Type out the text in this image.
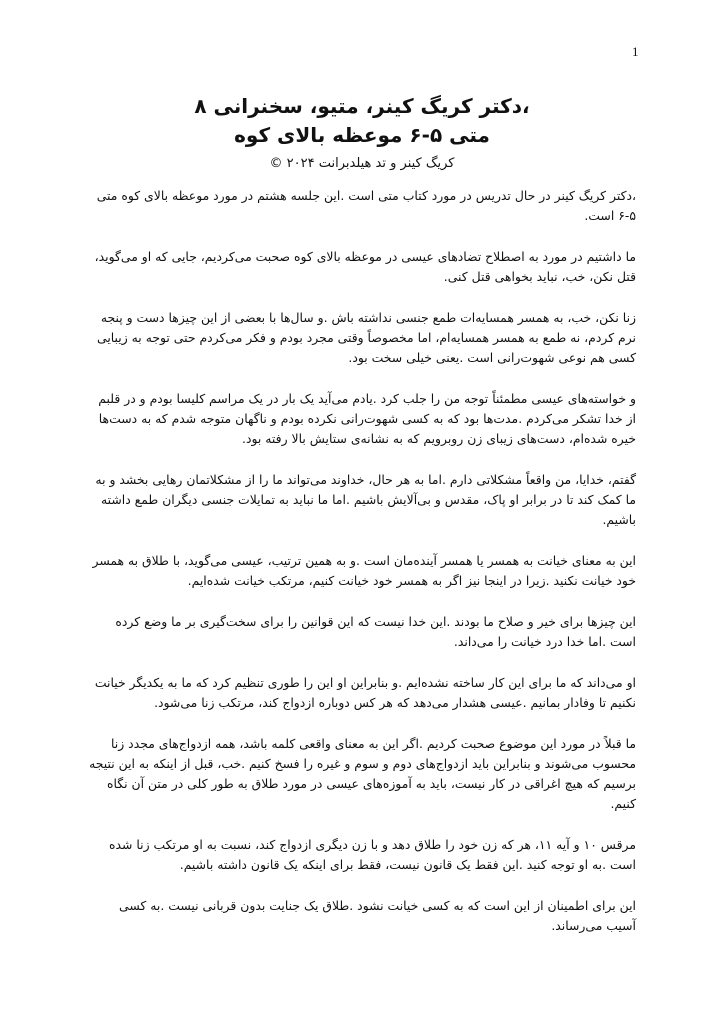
1
،دکتر کریگ کینر، متیو، سخنرانی ۸
متی ۵-۶ موعظه بالای کوه
کریگ کینر و تد هیلدبرانت ۲۰۲۴ ©

،دکتر کریگ کینر در حال تدریس در مورد کتاب متی است .این جلسه هشتم در مورد موعظه بالای کوه متی ۵-۶ است.

ما داشتیم در مورد به اصطلاح تضادهای عیسی در موعظه بالای کوه صحبت می‌کردیم، جایی که او می‌گوید، قتل نکن، خب، نباید بخواهی قتل کنی.

زنا نکن، خب، به همسر همسایه‌ات طمع جنسی نداشته باش .و سال‌ها با بعضی از این چیزها دست و پنجه نرم کردم، نه طمع به همسر همسایه‌ام، اما مخصوصاً وقتی مجرد بودم و فکر می‌کردم حتی توجه به زیبایی کسی هم نوعی شهوت‌رانی است .یعنی خیلی سخت بود.

و خواسته‌های عیسی مطمئناً توجه من را جلب کرد .یادم می‌آید یک بار در یک مراسم کلیسا بودم و در قلبم از خدا تشکر می‌کردم .مدت‌ها بود که به کسی شهوت‌رانی نکرده بودم و ناگهان متوجه شدم که به دست‌ها خیره شده‌ام، دست‌های زیبای زن روبرویم که به نشانه‌ی ستایش بالا رفته بود.

گفتم، خدایا، من واقعاً مشکلاتی دارم .اما به هر حال، خداوند می‌تواند ما را از مشکلاتمان رهایی بخشد و به ما کمک کند تا در برابر او پاک، مقدس و بی‌آلایش باشیم .اما ما نباید به تمایلات جنسی دیگران طمع داشته باشیم.

این به معنای خیانت به همسر یا همسر آینده‌مان است .و به همین ترتیب، عیسی می‌گوید، با طلاق به همسر خود خیانت نکنید .زیرا در اینجا نیز اگر به همسر خود خیانت کنیم، مرتکب خیانت شده‌ایم.

این چیزها برای خیر و صلاح ما بودند .این خدا نیست که این قوانین را برای سخت‌گیری بر ما وضع کرده است .اما خدا درد خیانت را می‌داند.

او می‌داند که ما برای این کار ساخته نشده‌ایم .و بنابراین او این را طوری تنظیم کرد که ما به یکدیگر خیانت نکنیم تا وفادار بمانیم .عیسی هشدار می‌دهد که هر کس دوباره ازدواج کند، مرتکب زنا می‌شود.

ما قبلاً در مورد این موضوع صحبت کردیم .اگر این به معنای واقعی کلمه باشد، همه ازدواج‌های مجدد زنا محسوب می‌شوند و بنابراین باید ازدواج‌های دوم و سوم و غیره را فسخ کنیم .خب، قبل از اینکه به این نتیجه برسیم که هیچ اغراقی در کار نیست، باید به آموزه‌های عیسی در مورد طلاق به طور کلی در متن آن نگاه کنیم.

مرقس ۱۰ و آیه ۱۱، هر که زن خود را طلاق دهد و با زن دیگری ازدواج کند، نسبت به او مرتکب زنا شده است .به او توجه کنید .این فقط یک قانون نیست، فقط برای اینکه یک قانون داشته باشیم.

این برای اطمینان از این است که به کسی خیانت نشود .طلاق یک جنایت بدون قربانی نیست .به کسی آسیب می‌رساند.
